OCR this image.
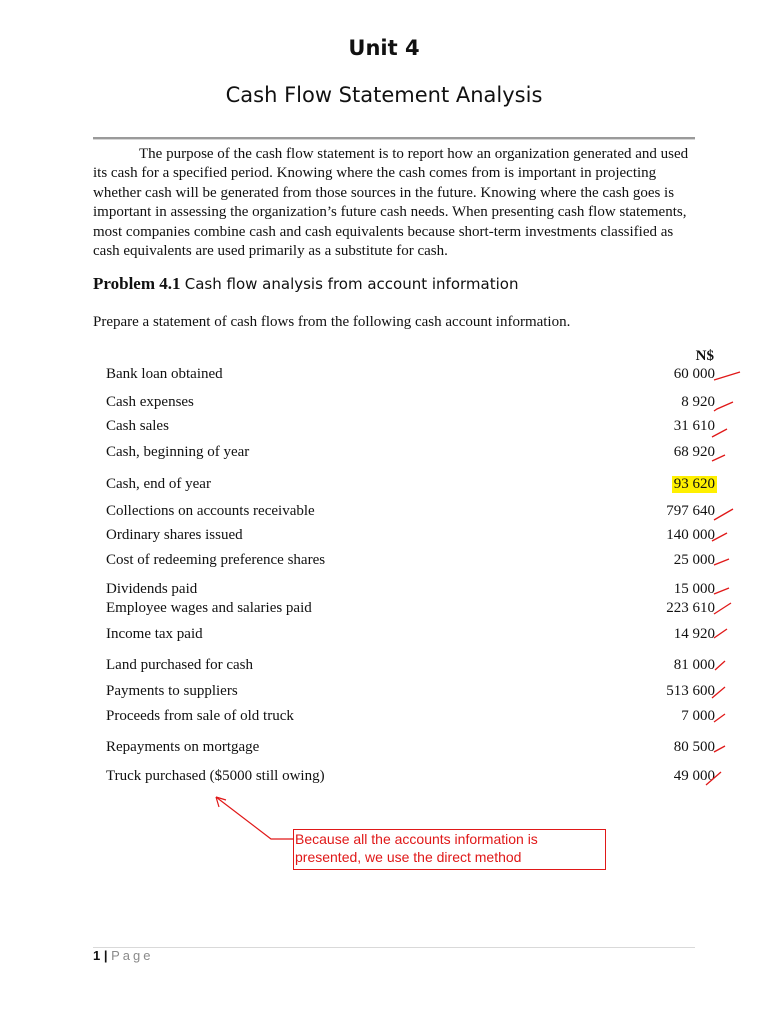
Unit 4
Cash Flow Statement Analysis

The purpose of the cash flow statement is to report how an organization generated and used its cash for a specified period. Knowing where the cash comes from is important in projecting whether cash will be generated from those sources in the future. Knowing where the cash goes is important in assessing the organization’s future cash needs. When presenting cash flow statements, most companies combine cash and cash equivalents because short-term investments classified as cash equivalents are used primarily as a substitute for cash.

Problem 4.1 Cash flow analysis from account information
Prepare a statement of cash flows from the following cash account information.
N$
Bank loan obtained	60 000
Cash expenses	8 920
Cash sales	31 610
Cash, beginning of year	68 920
Cash, end of year	93 620
Collections on accounts receivable	797 640
Ordinary shares issued	140 000
Cost of redeeming preference shares	25 000
Dividends paid	15 000
Employee wages and salaries paid	223 610
Income tax paid	14 920
Land purchased for cash	81 000
Payments to suppliers	513 600
Proceeds from sale of old truck	7 000
Repayments on mortgage	80 500
Truck purchased ($5000 still owing)	49 000
Because all the accounts information is presented, we use the direct method
1 | Page
